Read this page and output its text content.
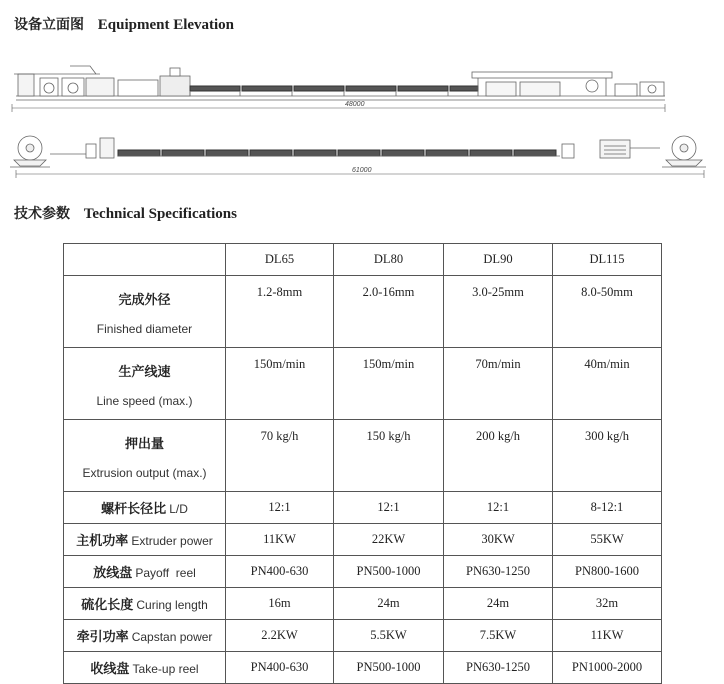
设备立面图 Equipment Elevation
48000
61000
技术参数 Technical Specifications
	DL65	DL80	DL90	DL115

完成外径
Finished diameter	1.2-8mm	2.0-16mm	3.0-25mm	8.0-50mm

生产线速
Line speed (max.)	150m/min	150m/min	70m/min	40m/min

押出量
Extrusion output (max.)	70 kg/h	150 kg/h	200 kg/h	300 kg/h
螺杆长径比 L/D	12:1	12:1	12:1	8-12:1
主机功率 Extruder power	11KW	22KW	30KW	55KW
放线盘 Payoff  reel	PN400-630	PN500-1000	PN630-1250	PN800-1600
硫化长度 Curing length	16m	24m	24m	32m
牵引功率 Capstan power	2.2KW	5.5KW	7.5KW	11KW
收线盘 Take-up reel	PN400-630	PN500-1000	PN630-1250	PN1000-2000
